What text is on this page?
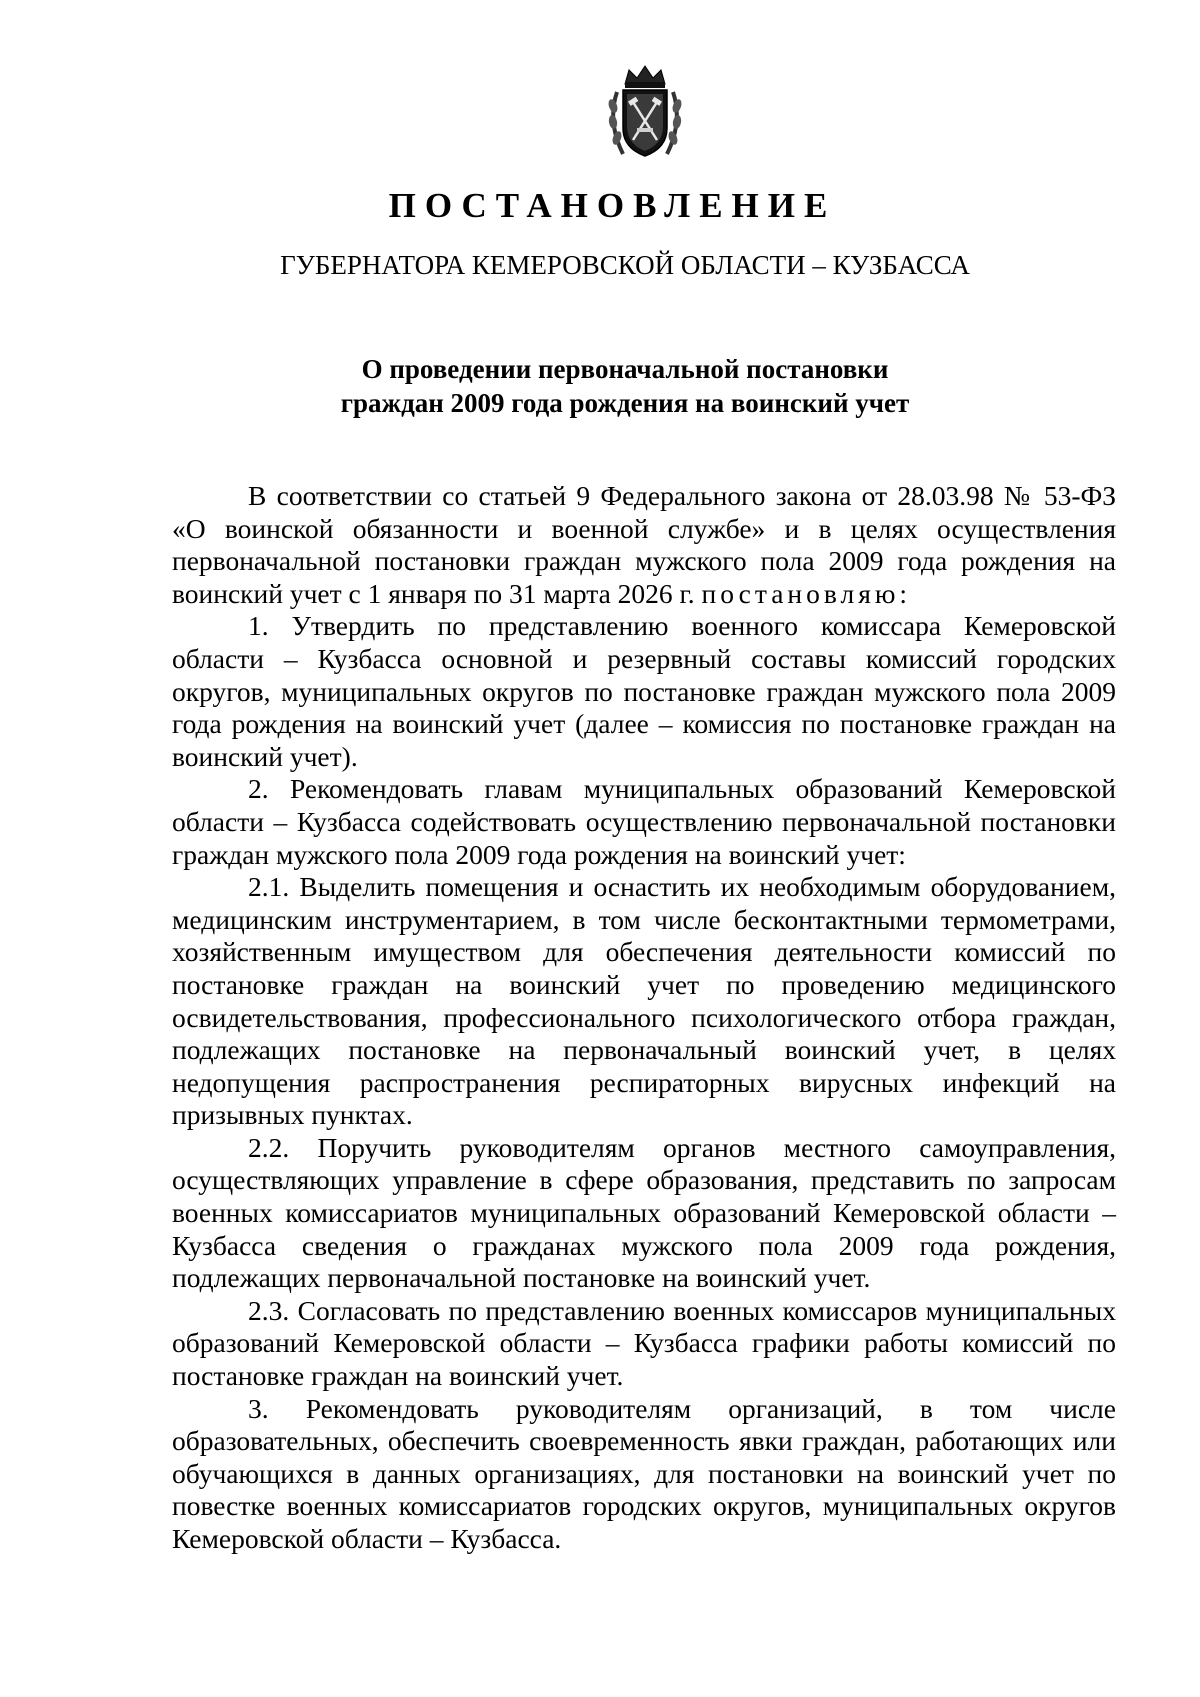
ПОСТАНОВЛЕНИЕ
ГУБЕРНАТОРА КЕМЕРОВСКОЙ ОБЛАСТИ – КУЗБАССА
О проведении первоначальной постановки
граждан 2009 года рождения на воинский учет

В соответствии со статьей 9 Федерального закона от 28.03.98 № 53-ФЗ «О воинской обязанности и военной службе» и в целях осуществления первоначальной постановки граждан мужского пола 2009 года рождения на воинский учет с 1 января по 31 марта 2026 г. постановляю:

1. Утвердить по представлению военного комиссара Кемеровской области – Кузбасса основной и резервный составы комиссий городских округов, муниципальных округов по постановке граждан мужского пола 2009 года рождения на воинский учет (далее – комиссия по постановке граждан на воинский учет).

2. Рекомендовать главам муниципальных образований Кемеровской области – Кузбасса содействовать осуществлению первоначальной постановки граждан мужского пола 2009 года рождения на воинский учет:

2.1. Выделить помещения и оснастить их необходимым оборудованием, медицинским инструментарием, в том числе бесконтактными термометрами, хозяйственным имуществом для обеспечения деятельности комиссий по постановке граждан на воинский учет по проведению медицинского освидетельствования, профессионального психологического отбора граждан, подлежащих постановке на первоначальный воинский учет, в целях недопущения распространения респираторных вирусных инфекций на призывных пунктах.

2.2. Поручить руководителям органов местного самоуправления, осуществляющих управление в сфере образования, представить по запросам военных комиссариатов муниципальных образований Кемеровской области – Кузбасса сведения о гражданах мужского пола 2009 года рождения, подлежащих первоначальной постановке на воинский учет.

2.3. Согласовать по представлению военных комиссаров муниципальных образований Кемеровской области – Кузбасса графики работы комиссий по постановке граждан на воинский учет.

3. Рекомендовать руководителям организаций, в том числе образовательных, обеспечить своевременность явки граждан, работающих или обучающихся в данных организациях, для постановки на воинский учет по повестке военных комиссариатов городских округов, муниципальных округов Кемеровской области – Кузбасса.
